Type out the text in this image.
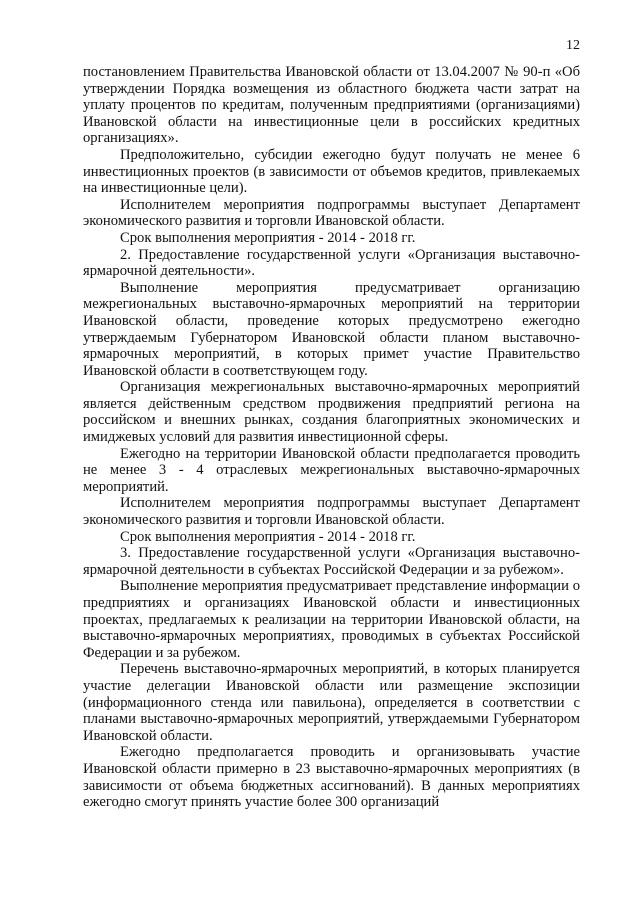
12

постановлением Правительства Ивановской области от 13.04.2007 № 90-п «Об утверждении Порядка возмещения из областного бюджета части затрат на уплату процентов по кредитам, полученным предприятиями (организациями) Ивановской области на инвестиционные цели в российских кредитных организациях».

Предположительно, субсидии ежегодно будут получать не менее 6 инвестиционных проектов (в зависимости от объемов кредитов, привлекаемых на инвестиционные цели).

Исполнителем мероприятия подпрограммы выступает Департамент экономического развития и торговли Ивановской области.

Срок выполнения мероприятия - 2014 - 2018 гг.

2. Предоставление государственной услуги «Организация выставочно-ярмарочной деятельности».

Выполнение мероприятия предусматривает организацию межрегиональных выставочно-ярмарочных мероприятий на территории Ивановской области, проведение которых предусмотрено ежегодно утверждаемым Губернатором Ивановской области планом выставочно-ярмарочных мероприятий, в которых примет участие Правительство Ивановской области в соответствующем году.

Организация межрегиональных выставочно-ярмарочных мероприятий является действенным средством продвижения предприятий региона на российском и внешних рынках, создания благоприятных экономических и имиджевых условий для развития инвестиционной сферы.

Ежегодно на территории Ивановской области предполагается проводить не менее 3 - 4 отраслевых межрегиональных выставочно-ярмарочных мероприятий.

Исполнителем мероприятия подпрограммы выступает Департамент экономического развития и торговли Ивановской области.

Срок выполнения мероприятия - 2014 - 2018 гг.

3. Предоставление государственной услуги «Организация выставочно-ярмарочной деятельности в субъектах Российской Федерации и за рубежом».

Выполнение мероприятия предусматривает представление информации о предприятиях и организациях Ивановской области и инвестиционных проектах, предлагаемых к реализации на территории Ивановской области, на выставочно-ярмарочных мероприятиях, проводимых в субъектах Российской Федерации и за рубежом.

Перечень выставочно-ярмарочных мероприятий, в которых планируется участие делегации Ивановской области или размещение экспозиции (информационного стенда или павильона), определяется в соответствии с планами выставочно-ярмарочных мероприятий, утверждаемыми Губернатором Ивановской области.

Ежегодно предполагается проводить и организовывать участие Ивановской области примерно в 23 выставочно-ярмарочных мероприятиях (в зависимости от объема бюджетных ассигнований). В данных мероприятиях ежегодно смогут принять участие более 300 организаций
